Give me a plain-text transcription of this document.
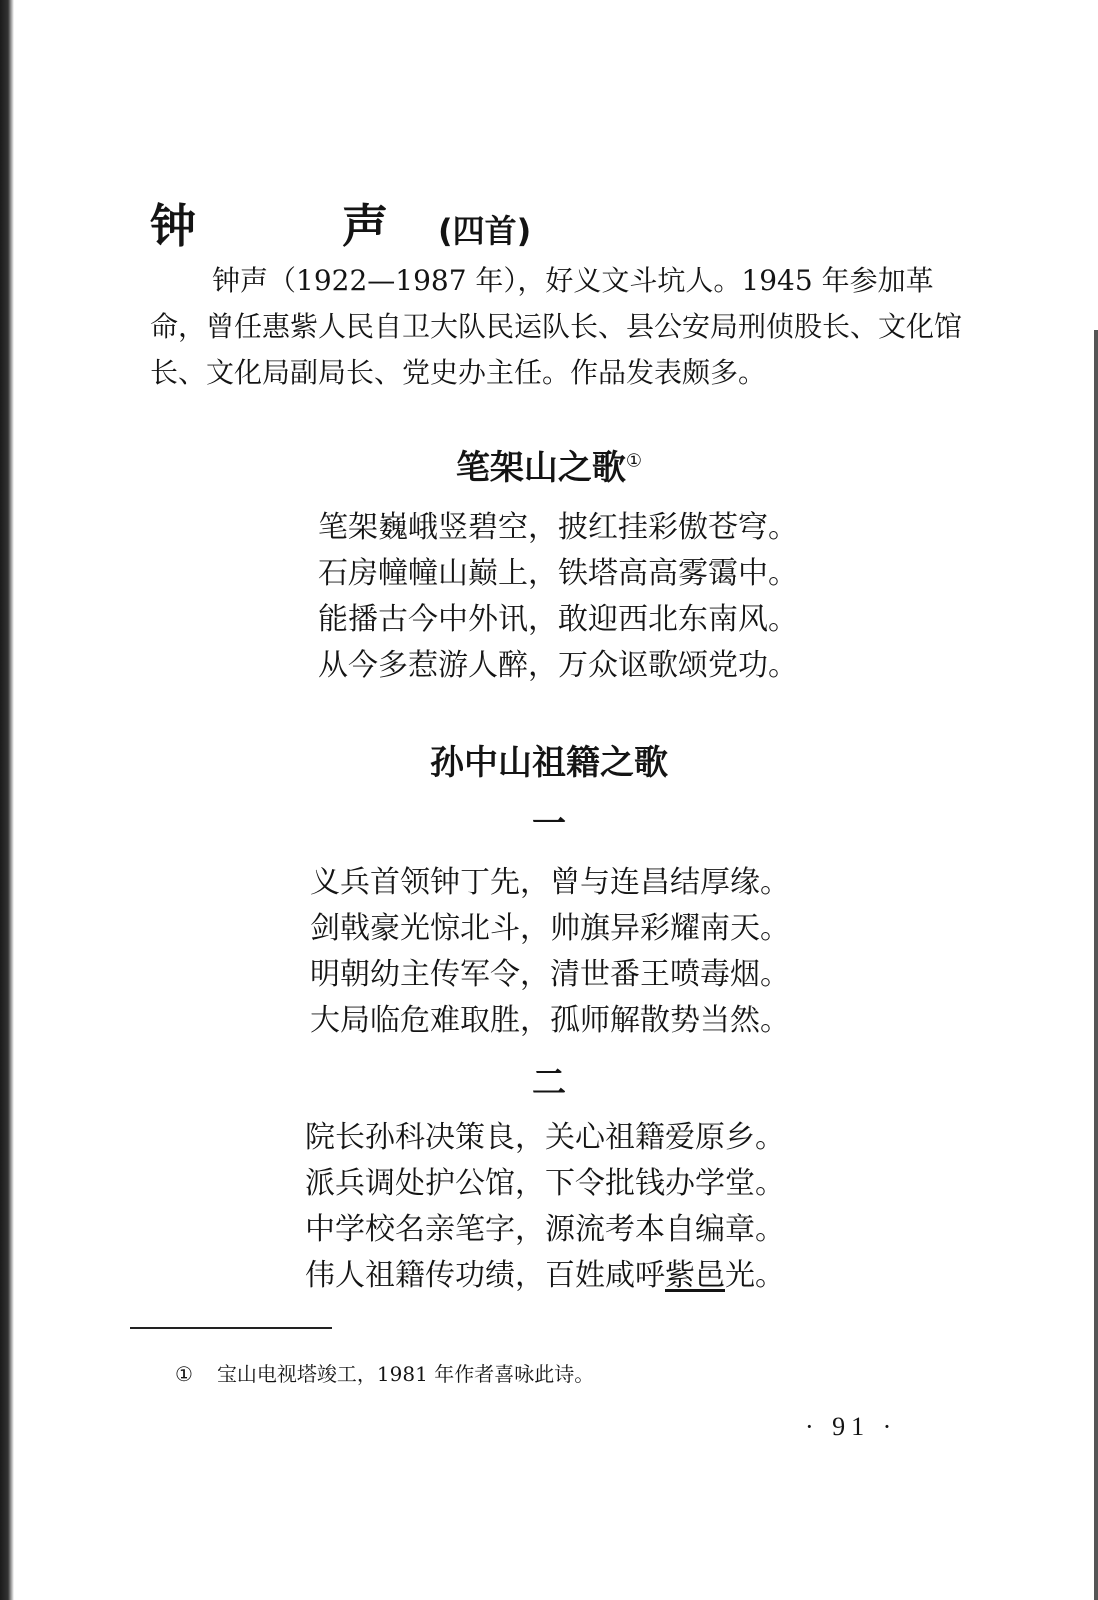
钟　声(四首)
钟声（1922—1987 年），好义文斗坑人。1945 年参加革命，曾任惠紫人民自卫大队民运队长、县公安局刑侦股长、文化馆长、文化局副局长、党史办主任。作品发表颇多。
笔架山之歌①
笔架巍峨竖碧空，披红挂彩傲苍穹。
石房幢幢山巅上，铁塔高高雾霭中。
能播古今中外讯，敢迎西北东南风。
从今多惹游人醉，万众讴歌颂党功。
孙中山祖籍之歌
一
义兵首领钟丁先，曾与连昌结厚缘。
剑戟豪光惊北斗，帅旗异彩耀南天。
明朝幼主传军令，清世番王喷毒烟。
大局临危难取胜，孤师解散势当然。
二
院长孙科决策良，关心祖籍爱原乡。
派兵调处护公馆，下令批钱办学堂。
中学校名亲笔字，源流考本自编章。
伟人祖籍传功绩，百姓咸呼紫邑光。
① 宝山电视塔竣工，1981 年作者喜咏此诗。
· 91 ·
